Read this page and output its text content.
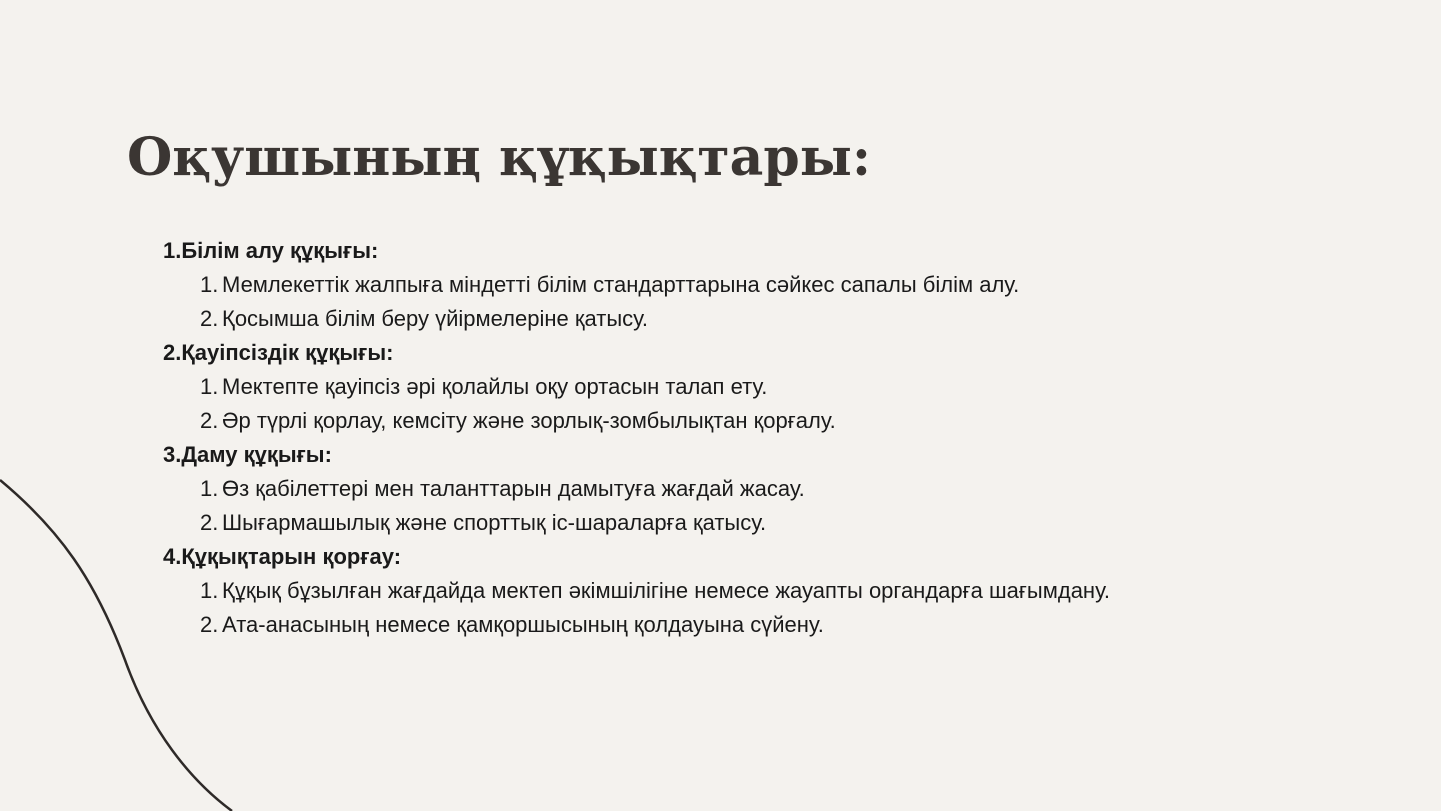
Оқушының құқықтары:
1.Білім алу құқығы:
1. Мемлекеттік жалпыға міндетті білім стандарттарына сәйкес сапалы білім алу.
2. Қосымша білім беру үйірмелеріне қатысу.
2.Қауіпсіздік құқығы:
1. Мектепте қауіпсіз әрі қолайлы оқу ортасын талап ету.
2. Әр түрлі қорлау, кемсіту және зорлық-зомбылықтан қорғалу.
3.Даму құқығы:
1. Өз қабілеттері мен таланттарын дамытуға жағдай жасау.
2. Шығармашылық және спорттық іс-шараларға қатысу.
4.Құқықтарын қорғау:
1. Құқық бұзылған жағдайда мектеп әкімшілігіне немесе жауапты органдарға шағымдану.
2. Ата-анасының немесе қамқоршысының қолдауына сүйену.
